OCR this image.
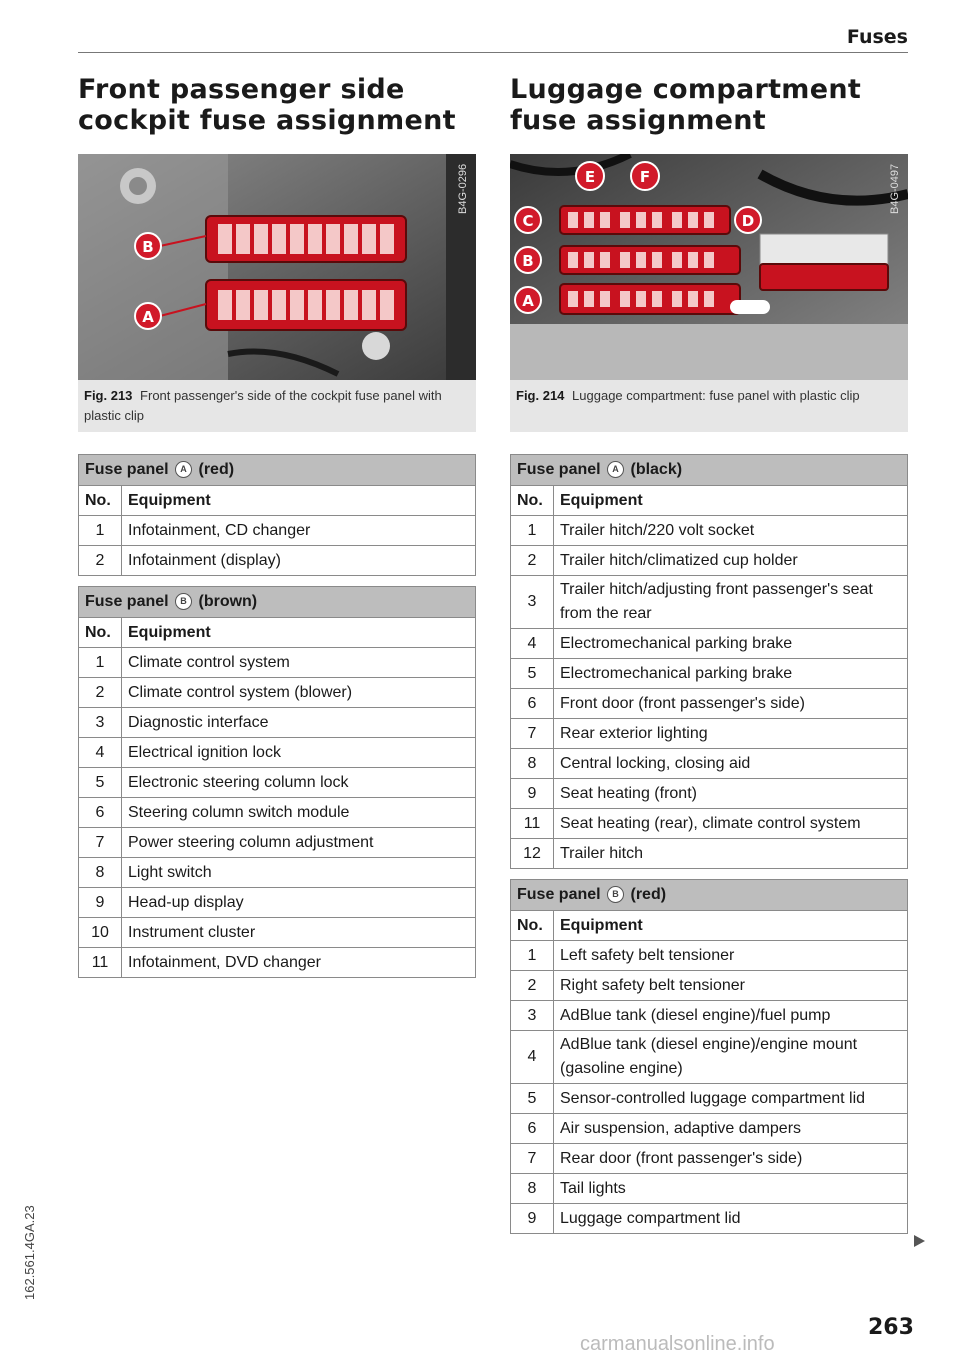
Fuses
Front passenger side
cockpit fuse assignment
B
A
B4G-0296
Fig. 213 Front passenger's side of the cockpit fuse panel with plastic clip
Fuse panel A (red)	
No.	Equipment
1	Infotainment, CD changer
2	Infotainment (display)
Fuse panel B (brown)	
No.	Equipment
1	Climate control system
2	Climate control system (blower)
3	Diagnostic interface
4	Electrical ignition lock
5	Electronic steering column lock
6	Steering column switch module
7	Power steering column adjustment
8	Light switch
9	Head-up display
10	Instrument cluster
11	Infotainment, DVD changer
Luggage compartment
fuse assignment
E	F
C
B
A
D
B4G-0497
Fig. 214 Luggage compartment: fuse panel with plastic clip
Fuse panel A (black)	
No.	Equipment
1	Trailer hitch/220 volt socket
2	Trailer hitch/climatized cup holder
3	Trailer hitch/adjusting front passenger's seat from the rear
4	Electromechanical parking brake
5	Electromechanical parking brake
6	Front door (front passenger's side)
7	Rear exterior lighting
8	Central locking, closing aid
9	Seat heating (front)
11	Seat heating (rear), climate control system
12	Trailer hitch
Fuse panel B (red)	
No.	Equipment
1	Left safety belt tensioner
2	Right safety belt tensioner
3	AdBlue tank (diesel engine)/fuel pump
4	AdBlue tank (diesel engine)/engine mount (gasoline engine)
5	Sensor-controlled luggage compartment lid
6	Air suspension, adaptive dampers
7	Rear door (front passenger's side)
8	Tail lights
9	Luggage compartment lid
263
162.561.4GA.23
carmanualsonline.info
